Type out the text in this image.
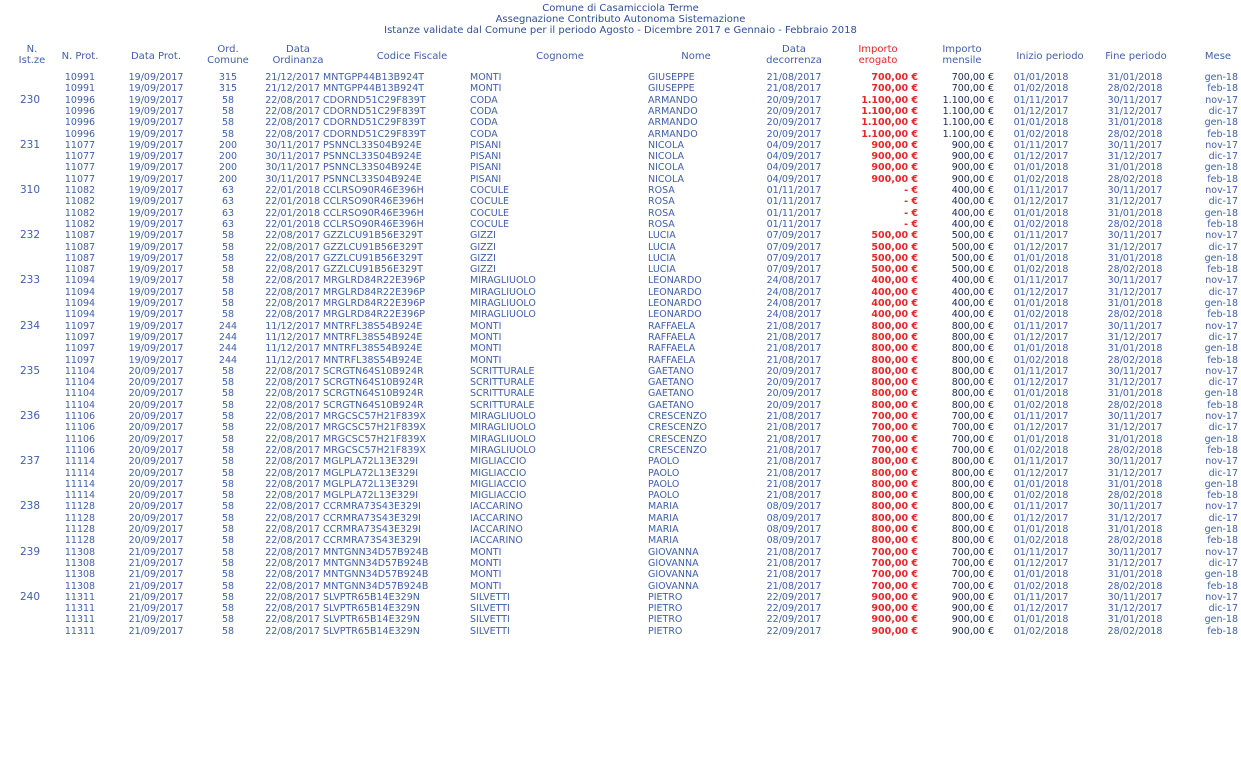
Comune di Casamicciola Terme
Assegnazione Contributo Autonoma Sistemazione
Istanze validate dal Comune per il periodo Agosto - Dicembre 2017 e Gennaio - Febbraio 2018
N.
Ist.ze	N. Prot.	Data Prot.
Ord.
Comune
Data
Ordinanza	Codice Fiscale	Cognome	Nome
Data
decorrenza
Importo
erogato
Importo
mensile	Inizio periodo	Fine periodo	Mese
10991	19/09/2017	315	21/12/2017 MNTGPP44B13B924T	MONTI	GIUSEPPE	21/08/2017	700,00 €	700,00 € 01/01/2018	31/01/2018	gen-18
10991	19/09/2017	315	21/12/2017 MNTGPP44B13B924T	MONTI	GIUSEPPE	21/08/2017	700,00 €	700,00 € 01/02/2018	28/02/2018	feb-18
230	10996	19/09/2017	58	22/08/2017 CDORND51C29F839T	CODA	ARMANDO	20/09/2017	1.100,00 €	1.100,00 € 01/11/2017	30/11/2017	nov-17
10996	19/09/2017	58	22/08/2017 CDORND51C29F839T	CODA	ARMANDO	20/09/2017	1.100,00 €	1.100,00 € 01/12/2017	31/12/2017	dic-17
10996	19/09/2017	58	22/08/2017 CDORND51C29F839T	CODA	ARMANDO	20/09/2017	1.100,00 €	1.100,00 € 01/01/2018	31/01/2018	gen-18
10996	19/09/2017	58	22/08/2017 CDORND51C29F839T	CODA	ARMANDO	20/09/2017	1.100,00 €	1.100,00 € 01/02/2018	28/02/2018	feb-18
231	11077	19/09/2017	200	30/11/2017 PSNNCL33S04B924E	PISANI	NICOLA	04/09/2017	900,00 €	900,00 € 01/11/2017	30/11/2017	nov-17
11077	19/09/2017	200	30/11/2017 PSNNCL33S04B924E	PISANI	NICOLA	04/09/2017	900,00 €	900,00 € 01/12/2017	31/12/2017	dic-17
11077	19/09/2017	200	30/11/2017 PSNNCL33S04B924E	PISANI	NICOLA	04/09/2017	900,00 €	900,00 € 01/01/2018	31/01/2018	gen-18
11077	19/09/2017	200	30/11/2017 PSNNCL33S04B924E	PISANI	NICOLA	04/09/2017	900,00 €	900,00 € 01/02/2018	28/02/2018	feb-18
310	11082	19/09/2017	63	22/01/2018 CCLRSO90R46E396H	COCULE	ROSA	01/11/2017	- €	400,00 € 01/11/2017	30/11/2017	nov-17
11082	19/09/2017	63	22/01/2018 CCLRSO90R46E396H	COCULE	ROSA	01/11/2017	- €	400,00 € 01/12/2017	31/12/2017	dic-17
11082	19/09/2017	63	22/01/2018 CCLRSO90R46E396H	COCULE	ROSA	01/11/2017	- €	400,00 € 01/01/2018	31/01/2018	gen-18
11082	19/09/2017	63	22/01/2018 CCLRSO90R46E396H	COCULE	ROSA	01/11/2017	- €	400,00 € 01/02/2018	28/02/2018	feb-18
232	11087	19/09/2017	58	22/08/2017 GZZLCU91B56E329T	GIZZI	LUCIA	07/09/2017	500,00 €	500,00 € 01/11/2017	30/11/2017	nov-17
11087	19/09/2017	58	22/08/2017 GZZLCU91B56E329T	GIZZI	LUCIA	07/09/2017	500,00 €	500,00 € 01/12/2017	31/12/2017	dic-17
11087	19/09/2017	58	22/08/2017 GZZLCU91B56E329T	GIZZI	LUCIA	07/09/2017	500,00 €	500,00 € 01/01/2018	31/01/2018	gen-18
11087	19/09/2017	58	22/08/2017 GZZLCU91B56E329T	GIZZI	LUCIA	07/09/2017	500,00 €	500,00 € 01/02/2018	28/02/2018	feb-18
233	11094	19/09/2017	58	22/08/2017 MRGLRD84R22E396P	MIRAGLIUOLO	LEONARDO	24/08/2017	400,00 €	400,00 € 01/11/2017	30/11/2017	nov-17
11094	19/09/2017	58	22/08/2017 MRGLRD84R22E396P	MIRAGLIUOLO	LEONARDO	24/08/2017	400,00 €	400,00 € 01/12/2017	31/12/2017	dic-17
11094	19/09/2017	58	22/08/2017 MRGLRD84R22E396P	MIRAGLIUOLO	LEONARDO	24/08/2017	400,00 €	400,00 € 01/01/2018	31/01/2018	gen-18
11094	19/09/2017	58	22/08/2017 MRGLRD84R22E396P	MIRAGLIUOLO	LEONARDO	24/08/2017	400,00 €	400,00 € 01/02/2018	28/02/2018	feb-18
234	11097	19/09/2017	244	11/12/2017 MNTRFL38S54B924E	MONTI	RAFFAELA	21/08/2017	800,00 €	800,00 € 01/11/2017	30/11/2017	nov-17
11097	19/09/2017	244	11/12/2017 MNTRFL38S54B924E	MONTI	RAFFAELA	21/08/2017	800,00 €	800,00 € 01/12/2017	31/12/2017	dic-17
11097	19/09/2017	244	11/12/2017 MNTRFL38S54B924E	MONTI	RAFFAELA	21/08/2017	800,00 €	800,00 € 01/01/2018	31/01/2018	gen-18
11097	19/09/2017	244	11/12/2017 MNTRFL38S54B924E	MONTI	RAFFAELA	21/08/2017	800,00 €	800,00 € 01/02/2018	28/02/2018	feb-18
235	11104	20/09/2017	58	22/08/2017 SCRGTN64S10B924R	SCRITTURALE	GAETANO	20/09/2017	800,00 €	800,00 € 01/11/2017	30/11/2017	nov-17
11104	20/09/2017	58	22/08/2017 SCRGTN64S10B924R	SCRITTURALE	GAETANO	20/09/2017	800,00 €	800,00 € 01/12/2017	31/12/2017	dic-17
11104	20/09/2017	58	22/08/2017 SCRGTN64S10B924R	SCRITTURALE	GAETANO	20/09/2017	800,00 €	800,00 € 01/01/2018	31/01/2018	gen-18
11104	20/09/2017	58	22/08/2017 SCRGTN64S10B924R	SCRITTURALE	GAETANO	20/09/2017	800,00 €	800,00 € 01/02/2018	28/02/2018	feb-18
236	11106	20/09/2017	58	22/08/2017 MRGCSC57H21F839X	MIRAGLIUOLO	CRESCENZO	21/08/2017	700,00 €	700,00 € 01/11/2017	30/11/2017	nov-17
11106	20/09/2017	58	22/08/2017 MRGCSC57H21F839X	MIRAGLIUOLO	CRESCENZO	21/08/2017	700,00 €	700,00 € 01/12/2017	31/12/2017	dic-17
11106	20/09/2017	58	22/08/2017 MRGCSC57H21F839X	MIRAGLIUOLO	CRESCENZO	21/08/2017	700,00 €	700,00 € 01/01/2018	31/01/2018	gen-18
11106	20/09/2017	58	22/08/2017 MRGCSC57H21F839X	MIRAGLIUOLO	CRESCENZO	21/08/2017	700,00 €	700,00 € 01/02/2018	28/02/2018	feb-18
237	11114	20/09/2017	58	22/08/2017 MGLPLA72L13E329I	MIGLIACCIO	PAOLO	21/08/2017	800,00 €	800,00 € 01/11/2017	30/11/2017	nov-17
11114	20/09/2017	58	22/08/2017 MGLPLA72L13E329I	MIGLIACCIO	PAOLO	21/08/2017	800,00 €	800,00 € 01/12/2017	31/12/2017	dic-17
11114	20/09/2017	58	22/08/2017 MGLPLA72L13E329I	MIGLIACCIO	PAOLO	21/08/2017	800,00 €	800,00 € 01/01/2018	31/01/2018	gen-18
11114	20/09/2017	58	22/08/2017 MGLPLA72L13E329I	MIGLIACCIO	PAOLO	21/08/2017	800,00 €	800,00 € 01/02/2018	28/02/2018	feb-18
238	11128	20/09/2017	58	22/08/2017 CCRMRA73S43E329I	IACCARINO	MARIA	08/09/2017	800,00 €	800,00 € 01/11/2017	30/11/2017	nov-17
11128	20/09/2017	58	22/08/2017 CCRMRA73S43E329I	IACCARINO	MARIA	08/09/2017	800,00 €	800,00 € 01/12/2017	31/12/2017	dic-17
11128	20/09/2017	58	22/08/2017 CCRMRA73S43E329I	IACCARINO	MARIA	08/09/2017	800,00 €	800,00 € 01/01/2018	31/01/2018	gen-18
11128	20/09/2017	58	22/08/2017 CCRMRA73S43E329I	IACCARINO	MARIA	08/09/2017	800,00 €	800,00 € 01/02/2018	28/02/2018	feb-18
239	11308	21/09/2017	58	22/08/2017 MNTGNN34D57B924B	MONTI	GIOVANNA	21/08/2017	700,00 €	700,00 € 01/11/2017	30/11/2017	nov-17
11308	21/09/2017	58	22/08/2017 MNTGNN34D57B924B	MONTI	GIOVANNA	21/08/2017	700,00 €	700,00 € 01/12/2017	31/12/2017	dic-17
11308	21/09/2017	58	22/08/2017 MNTGNN34D57B924B	MONTI	GIOVANNA	21/08/2017	700,00 €	700,00 € 01/01/2018	31/01/2018	gen-18
11308	21/09/2017	58	22/08/2017 MNTGNN34D57B924B	MONTI	GIOVANNA	21/08/2017	700,00 €	700,00 € 01/02/2018	28/02/2018	feb-18
240	11311	21/09/2017	58	22/08/2017 SLVPTR65B14E329N	SILVETTI	PIETRO	22/09/2017	900,00 €	900,00 € 01/11/2017	30/11/2017	nov-17
11311	21/09/2017	58	22/08/2017 SLVPTR65B14E329N	SILVETTI	PIETRO	22/09/2017	900,00 €	900,00 € 01/12/2017	31/12/2017	dic-17
11311	21/09/2017	58	22/08/2017 SLVPTR65B14E329N	SILVETTI	PIETRO	22/09/2017	900,00 €	900,00 € 01/01/2018	31/01/2018	gen-18
11311	21/09/2017	58	22/08/2017 SLVPTR65B14E329N	SILVETTI	PIETRO	22/09/2017	900,00 €	900,00 € 01/02/2018	28/02/2018	feb-18
